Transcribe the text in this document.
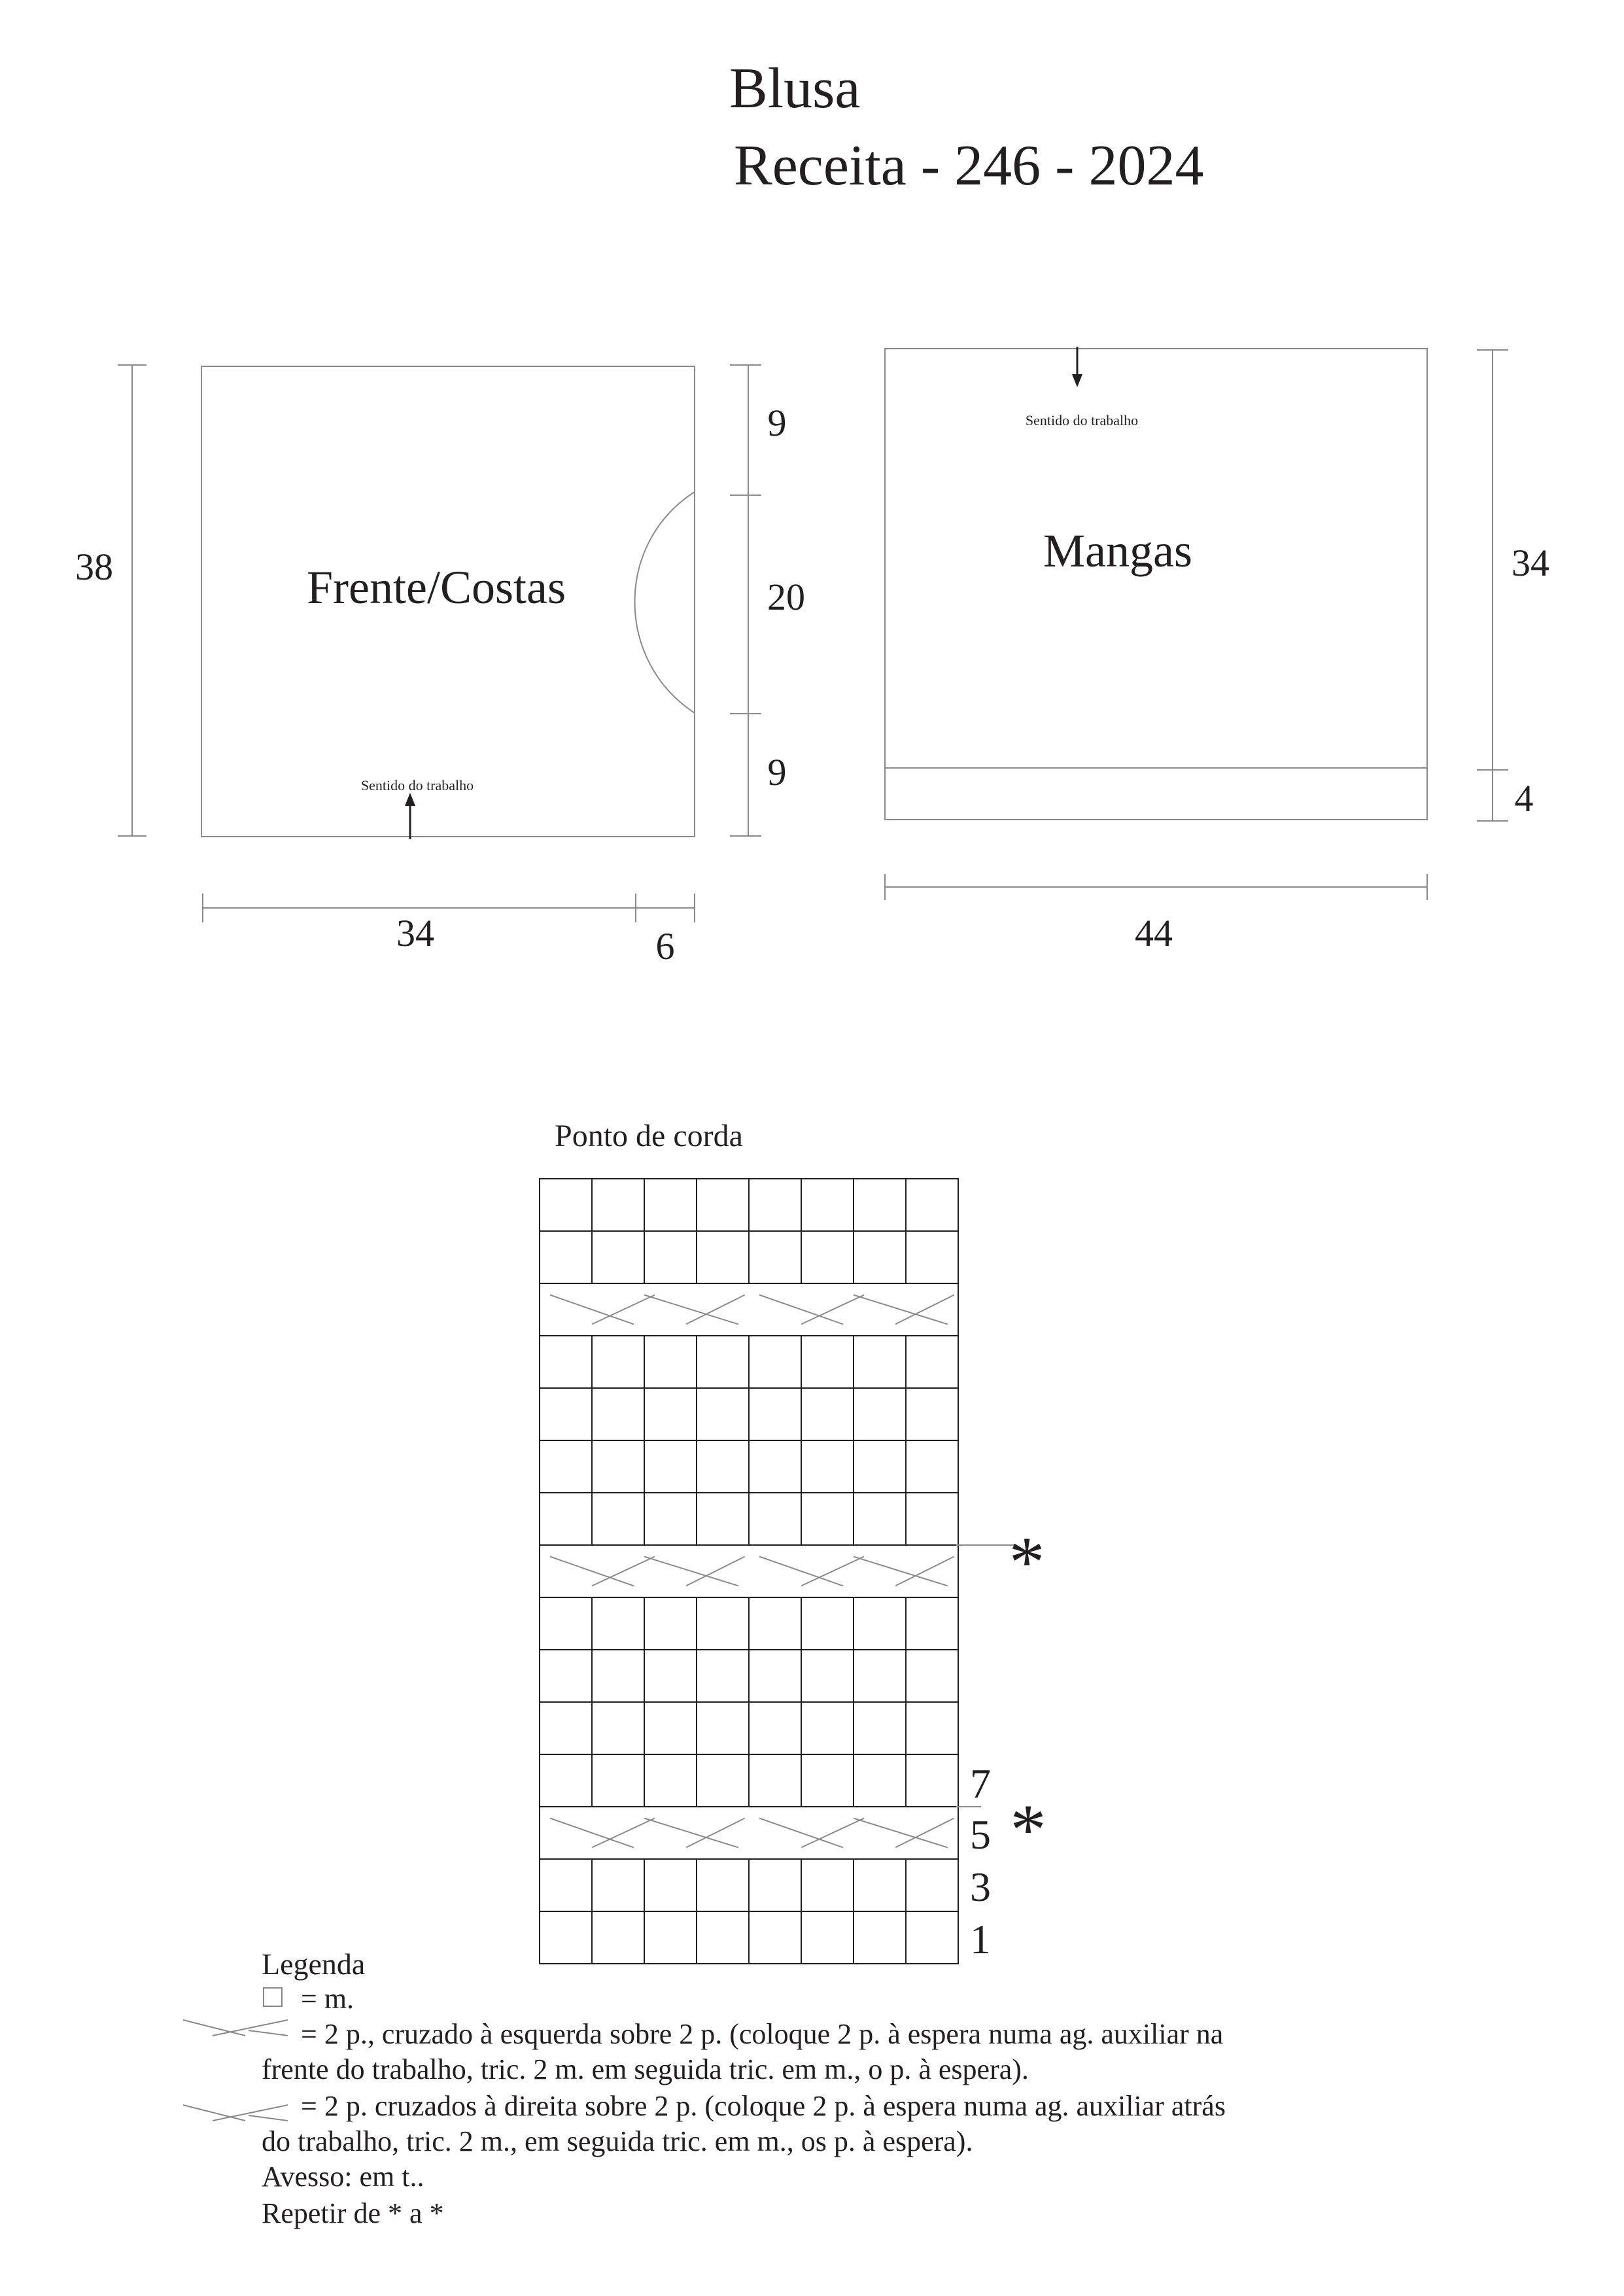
Blusa
Receita - 246 - 2024
Frente/Costas
Sentido do trabalho
38
9
20
9
34	6
Sentido do trabalho
Mangas	34
4
44
Ponto de corda
*
*
7
5
3
1
Legenda
= m.
= 2 p., cruzado à esquerda sobre 2 p. (coloque 2 p. à espera numa ag. auxiliar na
frente do trabalho, tric. 2 m. em seguida tric. em m., o p. à espera).
= 2 p. cruzados à direita sobre 2 p. (coloque 2 p. à espera numa ag. auxiliar atrás
do trabalho, tric. 2 m., em seguida tric. em m., os p. à espera).
Avesso: em t..
Repetir de * a *
